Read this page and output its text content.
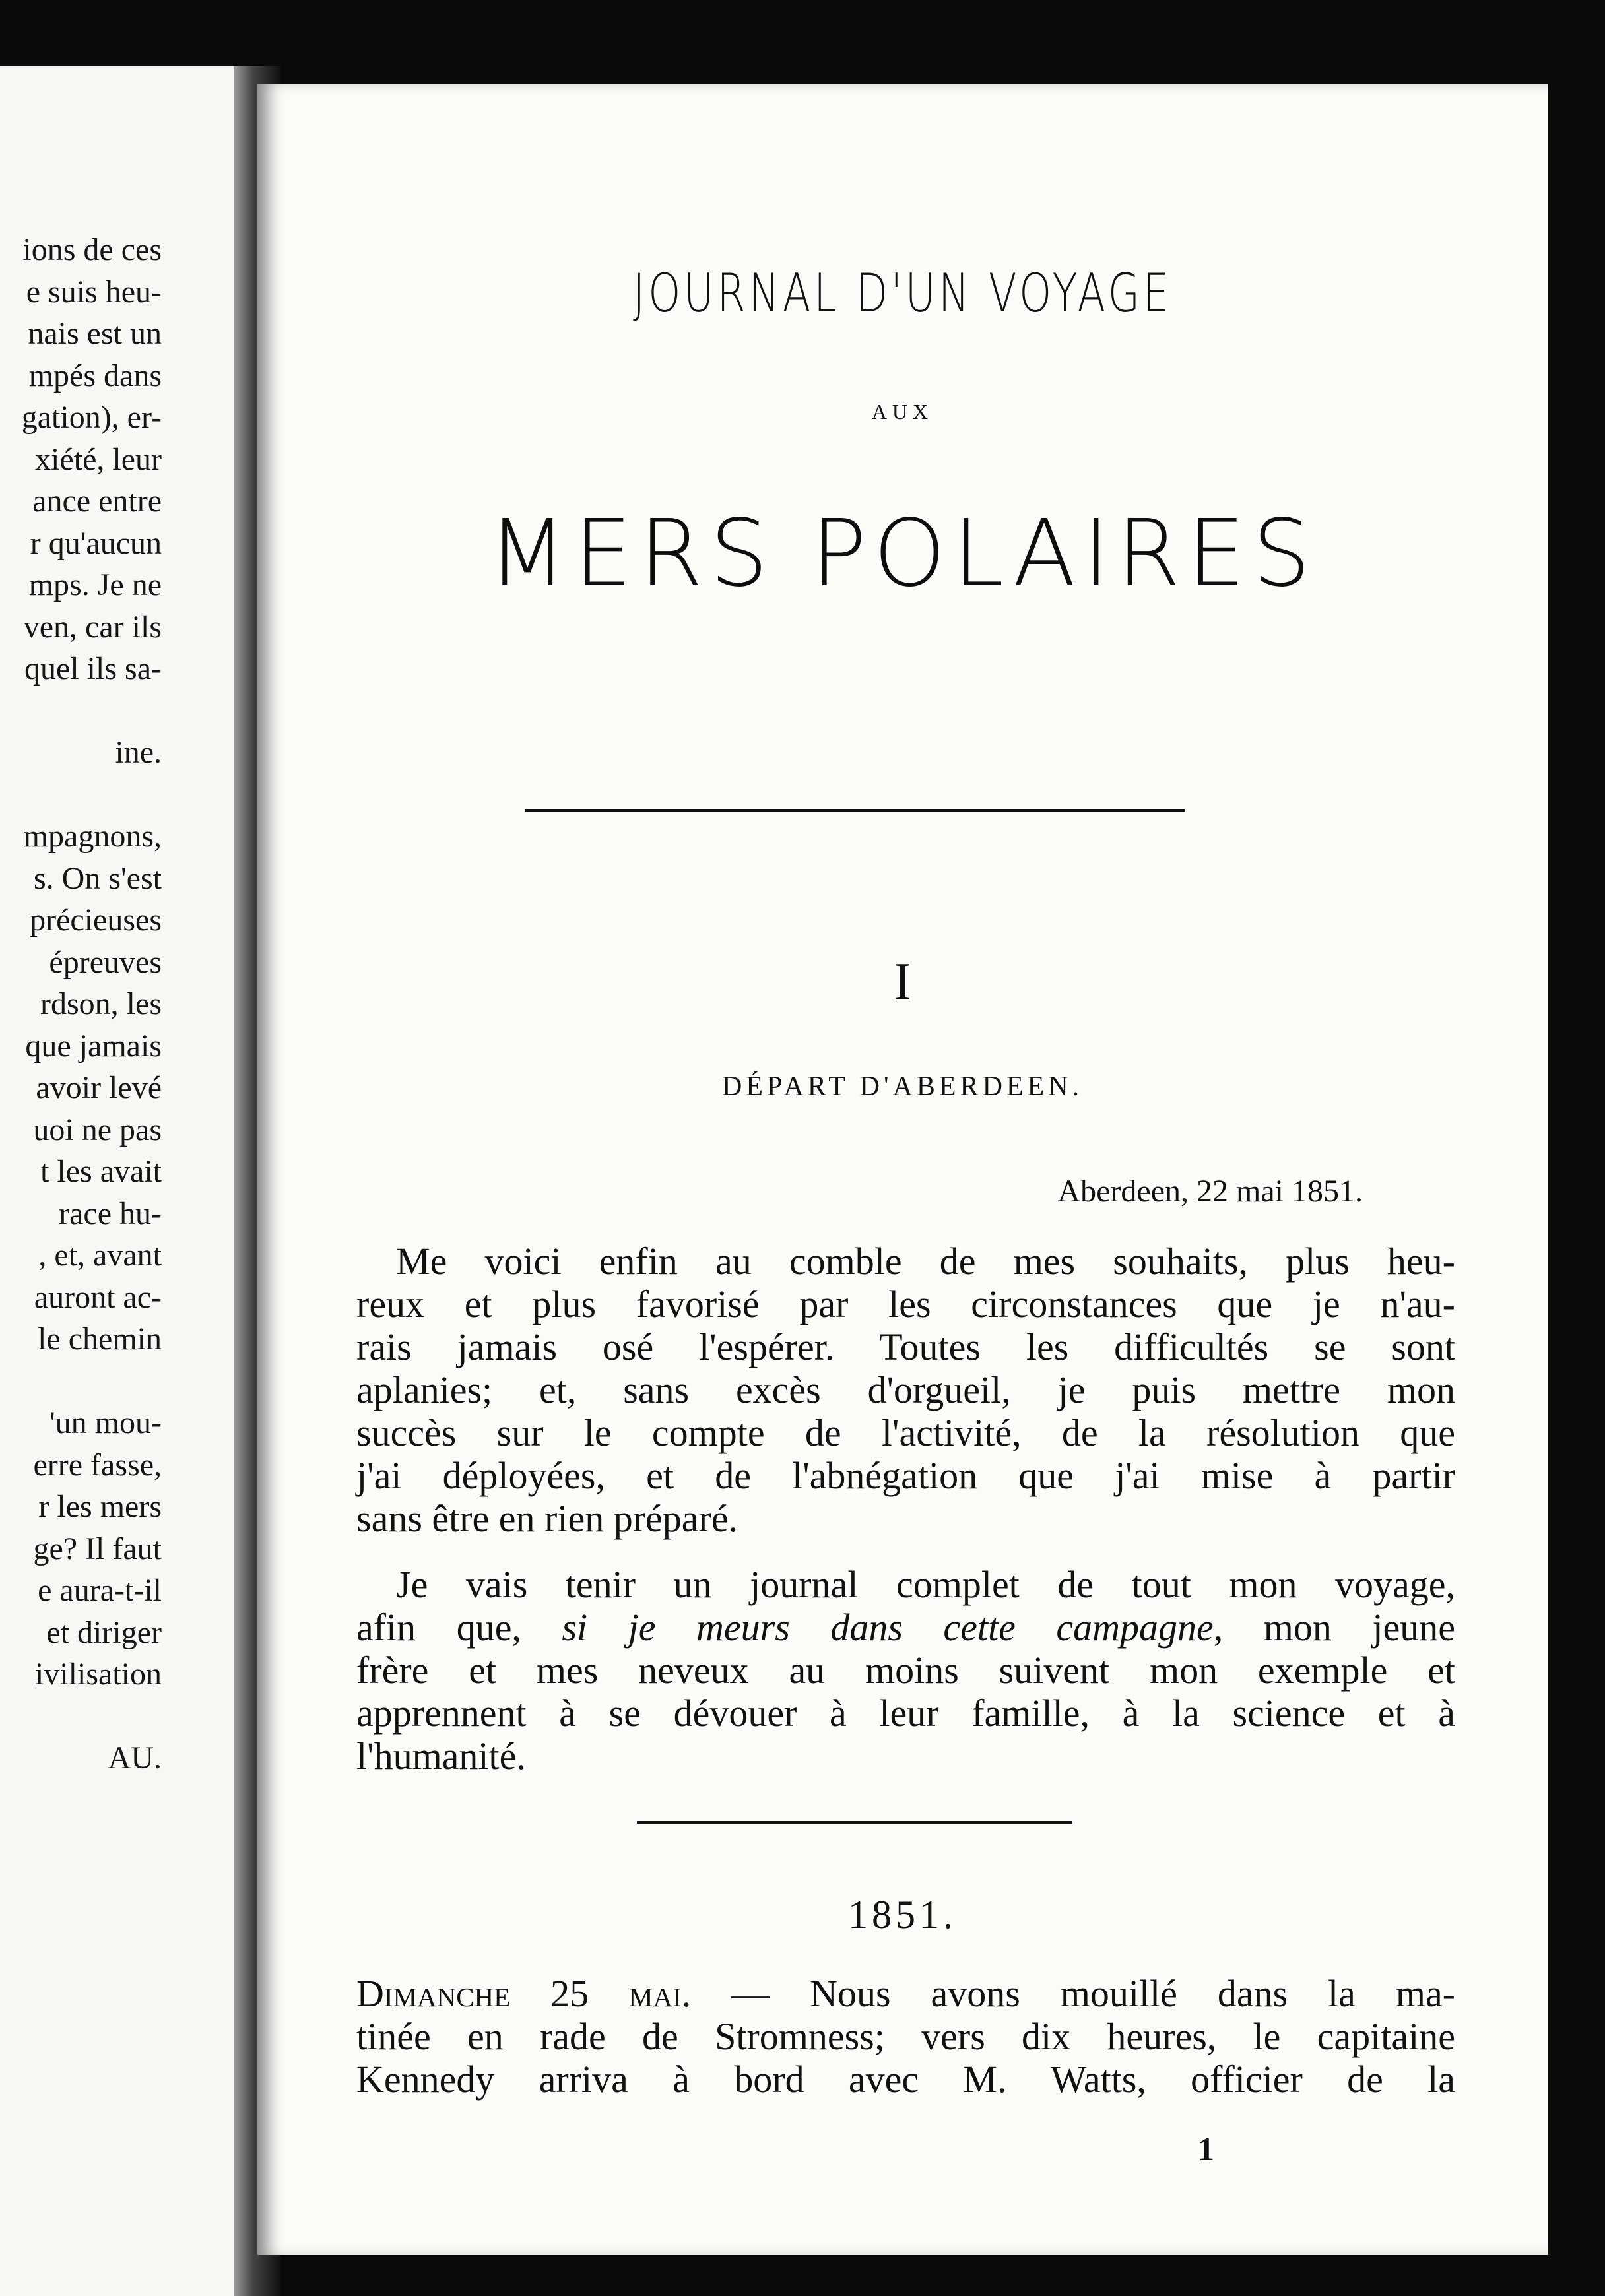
ions de ces
e suis heu-
nais est un
mpés dans
gation), er-
xiété, leur
ance entre
r qu'aucun
mps. Je ne
ven, car ils
quel ils sa-
ine.
mpagnons,
s. On s'est
précieuses
épreuves
rdson, les
que jamais
avoir levé
uoi ne pas
t les avait
race hu-
, et, avant
auront ac-
le chemin
'un mou-
erre fasse,
r les mers
ge? Il faut
e aura-t-il
et diriger
ivilisation
AU.
JOURNAL D'UN VOYAGE
AUX
MERS POLAIRES
I
DÉPART D'ABERDEEN.
Aberdeen, 22 mai 1851.
Me voici enfin au comble de mes souhaits, plus heu-
reux et plus favorisé par les circonstances que je n'au-
rais jamais osé l'espérer. Toutes les difficultés se sont
aplanies; et, sans excès d'orgueil, je puis mettre mon
succès sur le compte de l'activité, de la résolution que
j'ai déployées, et de l'abnégation que j'ai mise à partir
sans être en rien préparé.
Je vais tenir un journal complet de tout mon voyage,
afin que, si je meurs dans cette campagne, mon jeune
frère et mes neveux au moins suivent mon exemple et
apprennent à se dévouer à leur famille, à la science et à
l'humanité.
1851.
Dimanche 25 mai. — Nous avons mouillé dans la ma-
tinée en rade de Stromness; vers dix heures, le capitaine
Kennedy arriva à bord avec M. Watts, officier de la
1
